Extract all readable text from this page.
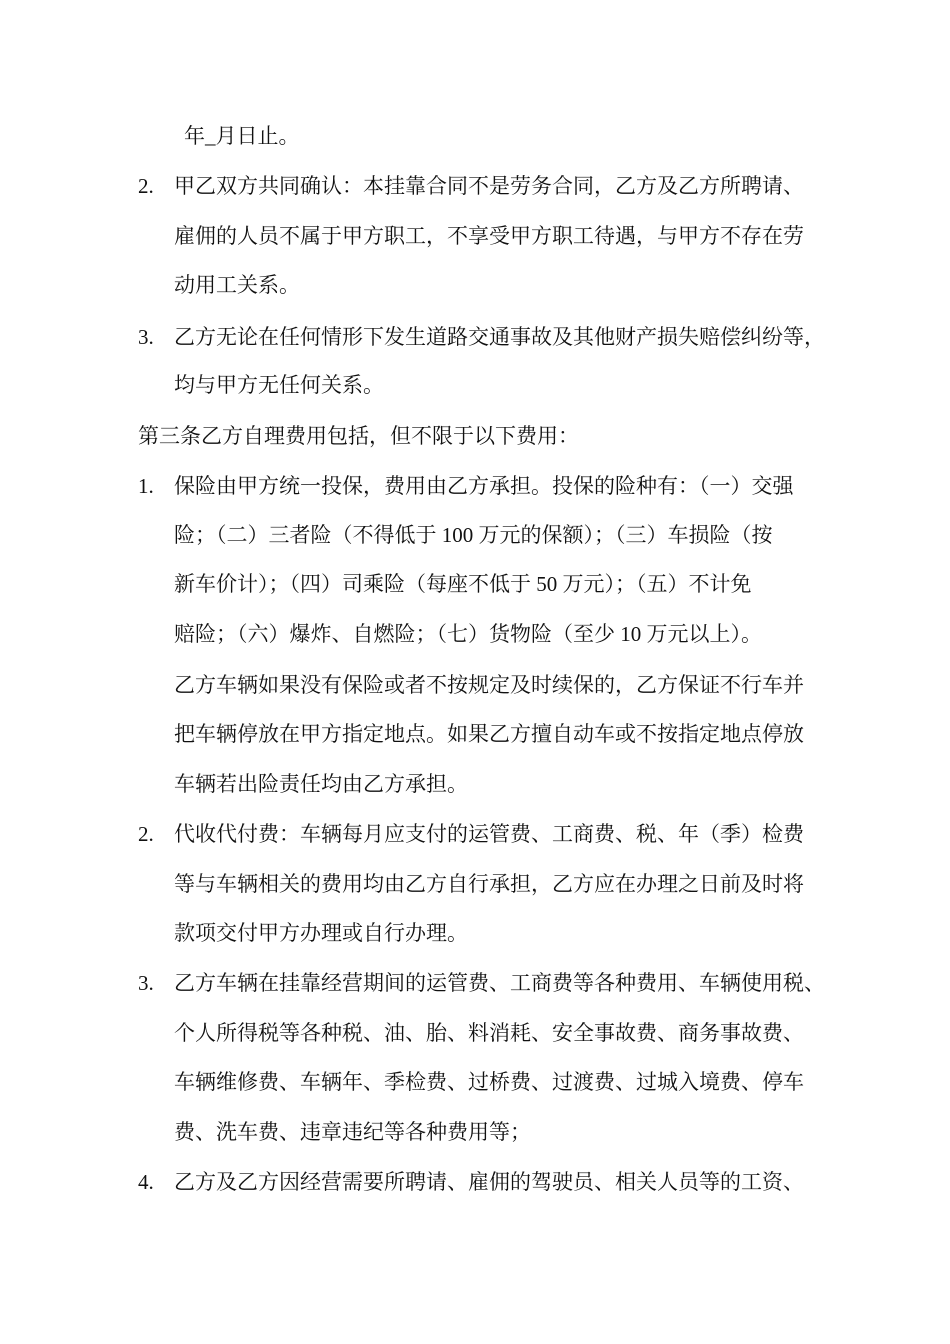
年_月日止。
2. 甲乙双方共同确认：本挂靠合同不是劳务合同，乙方及乙方所聘请、
雇佣的人员不属于甲方职工，不享受甲方职工待遇，与甲方不存在劳
动用工关系。
3. 乙方无论在任何情形下发生道路交通事故及其他财产损失赔偿纠纷等，
均与甲方无任何关系。
第三条乙方自理费用包括，但不限于以下费用：
1. 保险由甲方统一投保，费用由乙方承担。投保的险种有：（一）交强
险；（二）三者险（不得低于 100 万元的保额）；（三）车损险（按
新车价计）；（四）司乘险（每座不低于 50 万元）；（五）不计免
赔险；（六）爆炸、自燃险；（七）货物险（至少 10 万元以上）。
乙方车辆如果没有保险或者不按规定及时续保的，乙方保证不行车并
把车辆停放在甲方指定地点。如果乙方擅自动车或不按指定地点停放
车辆若出险责任均由乙方承担。
2. 代收代付费：车辆每月应支付的运管费、工商费、税、年（季）检费
等与车辆相关的费用均由乙方自行承担，乙方应在办理之日前及时将
款项交付甲方办理或自行办理。
3. 乙方车辆在挂靠经营期间的运管费、工商费等各种费用、车辆使用税、
个人所得税等各种税、油、胎、料消耗、安全事故费、商务事故费、
车辆维修费、车辆年、季检费、过桥费、过渡费、过城入境费、停车
费、洗车费、违章违纪等各种费用等；
4. 乙方及乙方因经营需要所聘请、雇佣的驾驶员、相关人员等的工资、
